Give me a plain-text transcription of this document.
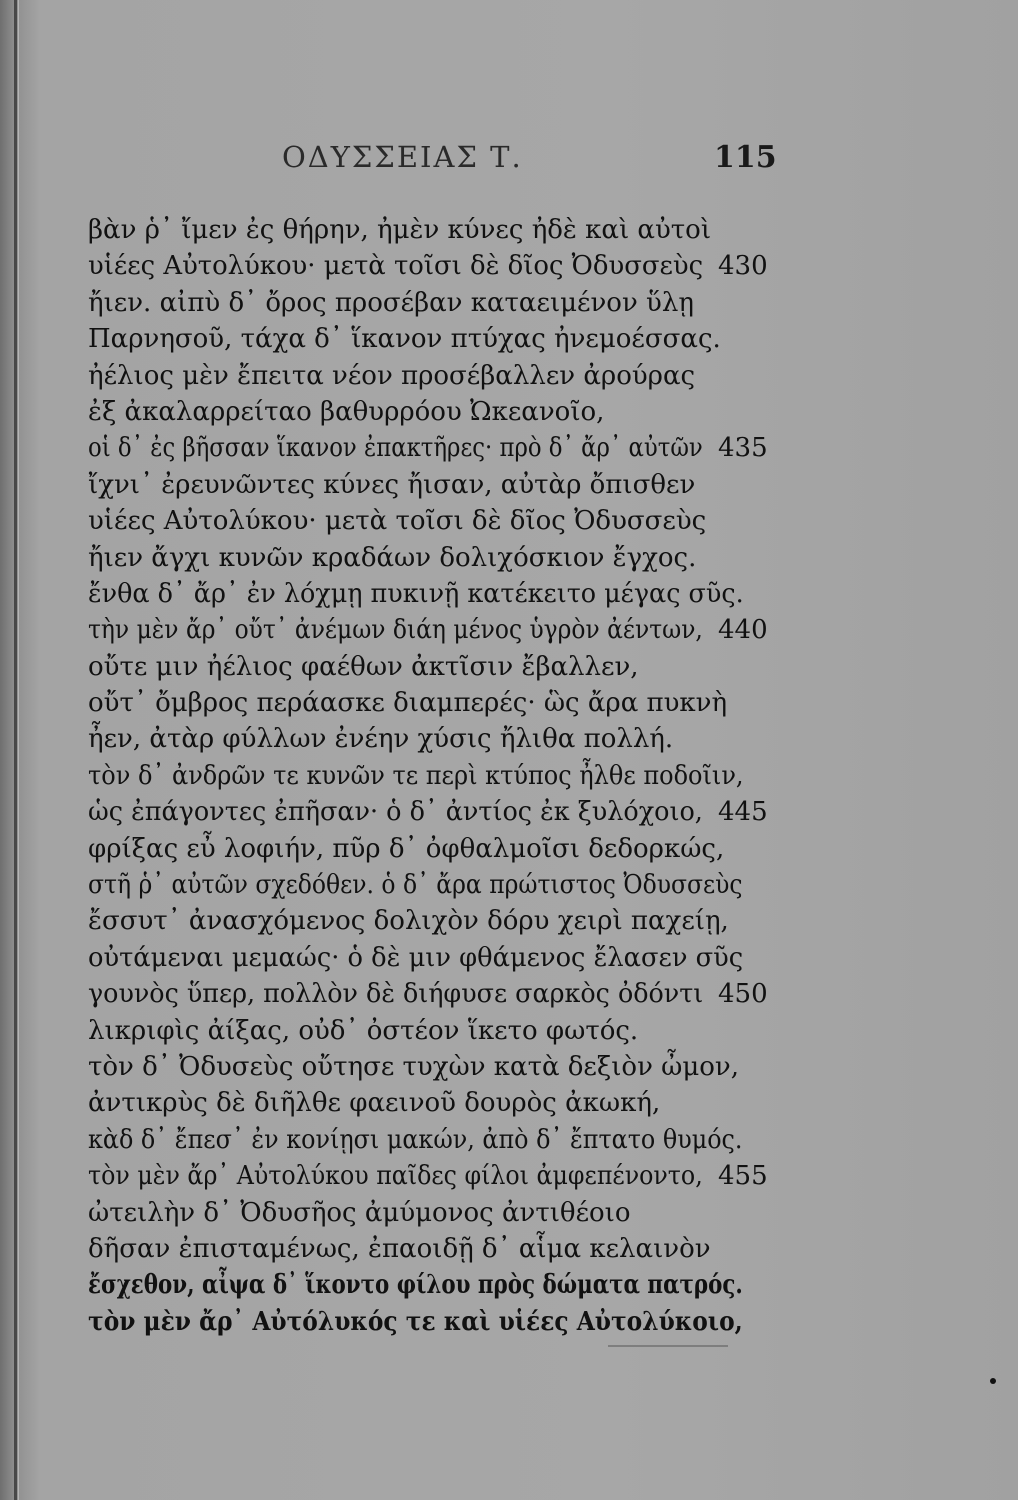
ΟΔΥΣΣΕΙΑΣ Τ.	115
βὰν ῥ᾽ ἴμεν ἐς θήρην, ἠμὲν κύνες ἠδὲ καὶ αὐτοὶ
υἱέες Αὐτολύκου· μετὰ τοῖσι δὲ δῖος Ὀδυσσεὺς 430
ἤιεν. αἰπὺ δ᾽ ὄρος προσέβαν καταειμένον ὕλῃ
Παρνησοῦ, τάχα δ᾽ ἵκανον πτύχας ἠνεμοέσσας.
ἠέλιος μὲν ἔπειτα νέον προσέβαλλεν ἀρούρας
ἐξ ἀκαλαρρείταο βαθυρρόου Ὠκεανοῖο,
οἱ δ᾽ ἐς βῆσσαν ἵκανον ἐπακτῆρες· πρὸ δ᾽ ἄρ᾽ αὐτῶν 435
ἴχνι᾽ ἐρευνῶντες κύνες ἤισαν, αὐτὰρ ὄπισθεν
υἱέες Αὐτολύκου· μετὰ τοῖσι δὲ δῖος Ὀδυσσεὺς
ἤιεν ἄγχι κυνῶν κραδάων δολιχόσκιον ἔγχος.
ἔνθα δ᾽ ἄρ᾽ ἐν λόχμῃ πυκινῇ κατέκειτο μέγας σῦς.
τὴν μὲν ἄρ᾽ οὔτ᾽ ἀνέμων διάη μένος ὑγρὸν ἀέντων, 440
οὔτε μιν ἠέλιος φαέθων ἀκτῖσιν ἔβαλλεν,
οὔτ᾽ ὄμβρος περάασκε διαμπερές· ὣς ἄρα πυκνὴ
ἦεν, ἀτὰρ φύλλων ἐνέην χύσις ἤλιθα πολλή.
τὸν δ᾽ ἀνδρῶν τε κυνῶν τε περὶ κτύπος ἦλθε ποδοῖιν,
ὡς ἐπάγοντες ἐπῆσαν· ὁ δ᾽ ἀντίος ἐκ ξυλόχοιο, 445
φρίξας εὖ λοφιήν, πῦρ δ᾽ ὀφθαλμοῖσι δεδορκώς,
στῆ ῥ᾽ αὐτῶν σχεδόθεν. ὁ δ᾽ ἄρα πρώτιστος Ὀδυσσεὺς
ἔσσυτ᾽ ἀνασχόμενος δολιχὸν δόρυ χειρὶ παχείῃ,
οὐτάμεναι μεμαώς· ὁ δὲ μιν φθάμενος ἔλασεν σῦς
γουνὸς ὕπερ, πολλὸν δὲ διήφυσε σαρκὸς ὀδόντι 450
λικριφὶς ἀίξας, οὐδ᾽ ὀστέον ἵκετο φωτός.
τὸν δ᾽ Ὀδυσεὺς οὔτησε τυχὼν κατὰ δεξιὸν ὦμον,
ἀντικρὺς δὲ διῆλθε φαεινοῦ δουρὸς ἀκωκή,
κὰδ δ᾽ ἔπεσ᾽ ἐν κονίῃσι μακών, ἀπὸ δ᾽ ἔπτατο θυμός.
τὸν μὲν ἄρ᾽ Αὐτολύκου παῖδες φίλοι ἀμφεπένοντο, 455
ὠτειλὴν δ᾽ Ὀδυσῆος ἀμύμονος ἀντιθέοιο
δῆσαν ἐπισταμένως, ἐπαοιδῇ δ᾽ αἷμα κελαινὸν
ἔσχεθον, αἶψα δ᾽ ἵκοντο φίλου πρὸς δώματα πατρός.
τὸν μὲν ἄρ᾽ Αὐτόλυκός τε καὶ υἱέες Αὐτολύκοιο,
